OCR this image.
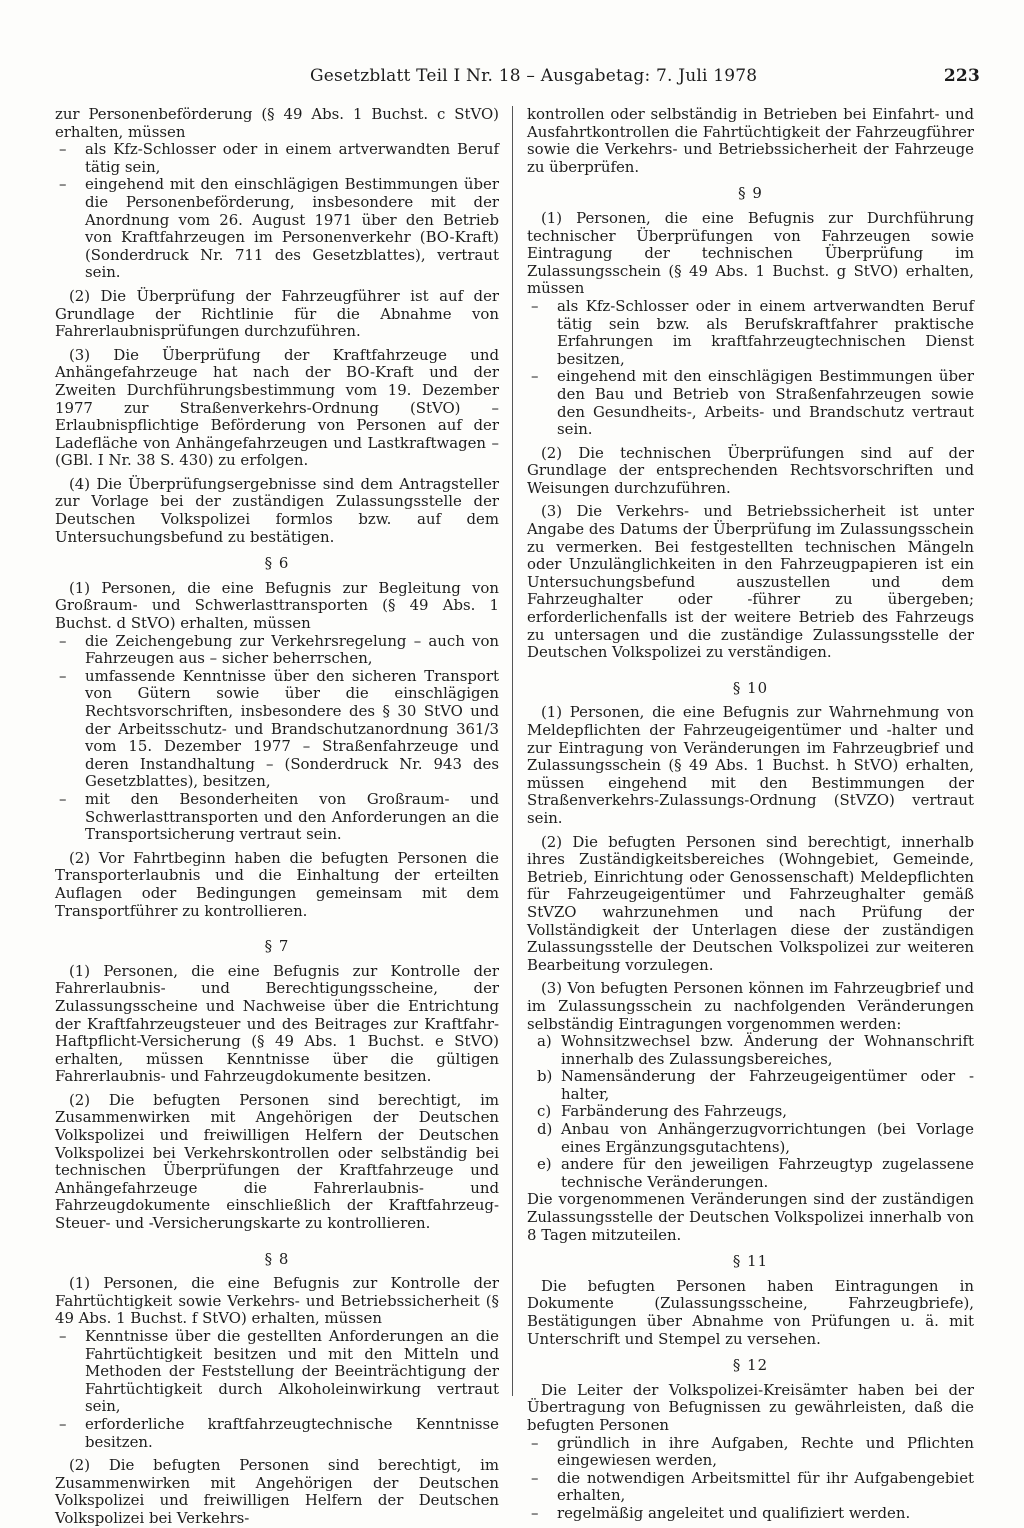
Gesetzblatt Teil I Nr. 18 – Ausgabetag: 7. Juli 1978	223

zur Personenbeförderung (§ 49 Abs. 1 Buchst. c StVO) erhalten, müssen

– als Kfz-Schlosser oder in einem artverwandten Beruf tätig sein,

– eingehend mit den einschlägigen Bestimmungen über die Personenbeförderung, insbesondere mit der Anordnung vom 26. August 1971 über den Betrieb von Kraftfahrzeugen im Personenverkehr (BO-Kraft) (Sonderdruck Nr. 711 des Gesetzblattes), vertraut sein.

(2) Die Überprüfung der Fahrzeugführer ist auf der Grundlage der Richtlinie für die Abnahme von Fahrerlaubnisprüfungen durchzuführen.

(3) Die Überprüfung der Kraftfahrzeuge und Anhängefahrzeuge hat nach der BO-Kraft und der Zweiten Durchführungsbestimmung vom 19. Dezember 1977 zur Straßenverkehrs-Ordnung (StVO) – Erlaubnispflichtige Beförderung von Personen auf der Ladefläche von Anhängefahrzeugen und Lastkraftwagen – (GBl. I Nr. 38 S. 430) zu erfolgen.

(4) Die Überprüfungsergebnisse sind dem Antragsteller zur Vorlage bei der zuständigen Zulassungsstelle der Deutschen Volkspolizei formlos bzw. auf dem Untersuchungsbefund zu bestätigen.

§ 6

(1) Personen, die eine Befugnis zur Begleitung von Großraum- und Schwerlasttransporten (§ 49 Abs. 1 Buchst. d StVO) erhalten, müssen

– die Zeichengebung zur Verkehrsregelung – auch von Fahrzeugen aus – sicher beherrschen,

– umfassende Kenntnisse über den sicheren Transport von Gütern sowie über die einschlägigen Rechtsvorschriften, insbesondere des § 30 StVO und der Arbeitsschutz- und Brandschutzanordnung 361/3 vom 15. Dezember 1977 – Straßenfahrzeuge und deren Instandhaltung – (Sonderdruck Nr. 943 des Gesetzblattes), besitzen,

– mit den Besonderheiten von Großraum- und Schwerlasttransporten und den Anforderungen an die Transportsicherung vertraut sein.

(2) Vor Fahrtbeginn haben die befugten Personen die Transporterlaubnis und die Einhaltung der erteilten Auflagen oder Bedingungen gemeinsam mit dem Transportführer zu kontrollieren.

§ 7

(1) Personen, die eine Befugnis zur Kontrolle der Fahrerlaubnis- und Berechtigungsscheine, der Zulassungsscheine und Nachweise über die Entrichtung der Kraftfahrzeugsteuer und des Beitrages zur Kraftfahr-Haftpflicht-Versicherung (§ 49 Abs. 1 Buchst. e StVO) erhalten, müssen Kenntnisse über die gültigen Fahrerlaubnis- und Fahrzeugdokumente besitzen.

(2) Die befugten Personen sind berechtigt, im Zusammenwirken mit Angehörigen der Deutschen Volkspolizei und freiwilligen Helfern der Deutschen Volkspolizei bei Verkehrskontrollen oder selbständig bei technischen Überprüfungen der Kraftfahrzeuge und Anhängefahrzeuge die Fahrerlaubnis- und Fahrzeugdokumente einschließlich der Kraftfahrzeug-Steuer- und -Versicherungskarte zu kontrollieren.

§ 8

(1) Personen, die eine Befugnis zur Kontrolle der Fahrtüchtigkeit sowie Verkehrs- und Betriebssicherheit (§ 49 Abs. 1 Buchst. f StVO) erhalten, müssen

– Kenntnisse über die gestellten Anforderungen an die Fahrtüchtigkeit besitzen und mit den Mitteln und Methoden der Feststellung der Beeinträchtigung der Fahrtüchtigkeit durch Alkoholeinwirkung vertraut sein,

– erforderliche kraftfahrzeugtechnische Kenntnisse besitzen.

(2) Die befugten Personen sind berechtigt, im Zusammenwirken mit Angehörigen der Deutschen Volkspolizei und freiwilligen Helfern der Deutschen Volkspolizei bei Verkehrs-

kontrollen oder selbständig in Betrieben bei Einfahrt- und Ausfahrtkontrollen die Fahrtüchtigkeit der Fahrzeugführer sowie die Verkehrs- und Betriebssicherheit der Fahrzeuge zu überprüfen.

§ 9

(1) Personen, die eine Befugnis zur Durchführung technischer Überprüfungen von Fahrzeugen sowie Eintragung der technischen Überprüfung im Zulassungsschein (§ 49 Abs. 1 Buchst. g StVO) erhalten, müssen

– als Kfz-Schlosser oder in einem artverwandten Beruf tätig sein bzw. als Berufskraftfahrer praktische Erfahrungen im kraftfahrzeugtechnischen Dienst besitzen,

– eingehend mit den einschlägigen Bestimmungen über den Bau und Betrieb von Straßenfahrzeugen sowie den Gesundheits-, Arbeits- und Brandschutz vertraut sein.

(2) Die technischen Überprüfungen sind auf der Grundlage der entsprechenden Rechtsvorschriften und Weisungen durchzuführen.

(3) Die Verkehrs- und Betriebssicherheit ist unter Angabe des Datums der Überprüfung im Zulassungsschein zu vermerken. Bei festgestellten technischen Mängeln oder Unzulänglichkeiten in den Fahrzeugpapieren ist ein Untersuchungsbefund auszustellen und dem Fahrzeughalter oder -führer zu übergeben; erforderlichenfalls ist der weitere Betrieb des Fahrzeugs zu untersagen und die zuständige Zulassungsstelle der Deutschen Volkspolizei zu verständigen.

§ 10

(1) Personen, die eine Befugnis zur Wahrnehmung von Meldepflichten der Fahrzeugeigentümer und -halter und zur Eintragung von Veränderungen im Fahrzeugbrief und Zulassungsschein (§ 49 Abs. 1 Buchst. h StVO) erhalten, müssen eingehend mit den Bestimmungen der Straßenverkehrs-Zulassungs-Ordnung (StVZO) vertraut sein.

(2) Die befugten Personen sind berechtigt, innerhalb ihres Zuständigkeitsbereiches (Wohngebiet, Gemeinde, Betrieb, Einrichtung oder Genossenschaft) Meldepflichten für Fahrzeugeigentümer und Fahrzeughalter gemäß StVZO wahrzunehmen und nach Prüfung der Vollständigkeit der Unterlagen diese der zuständigen Zulassungsstelle der Deutschen Volkspolizei zur weiteren Bearbeitung vorzulegen.

(3) Von befugten Personen können im Fahrzeugbrief und im Zulassungsschein zu nachfolgenden Veränderungen selbständig Eintragungen vorgenommen werden:

a) Wohnsitzwechsel bzw. Änderung der Wohnanschrift innerhalb des Zulassungsbereiches,

b) Namensänderung der Fahrzeugeigentümer oder -halter,

c) Farbänderung des Fahrzeugs,

d) Anbau von Anhängerzugvorrichtungen (bei Vorlage eines Ergänzungsgutachtens),

e) andere für den jeweiligen Fahrzeugtyp zugelassene technische Veränderungen.

Die vorgenommenen Veränderungen sind der zuständigen Zulassungsstelle der Deutschen Volkspolizei innerhalb von 8 Tagen mitzuteilen.

§ 11

Die befugten Personen haben Eintragungen in Dokumente (Zulassungsscheine, Fahrzeugbriefe), Bestätigungen über Abnahme von Prüfungen u. ä. mit Unterschrift und Stempel zu versehen.

§ 12

Die Leiter der Volkspolizei-Kreisämter haben bei der Übertragung von Befugnissen zu gewährleisten, daß die befugten Personen

– gründlich in ihre Aufgaben, Rechte und Pflichten eingewiesen werden,

– die notwendigen Arbeitsmittel für ihr Aufgabengebiet erhalten,

– regelmäßig angeleitet und qualifiziert werden.
